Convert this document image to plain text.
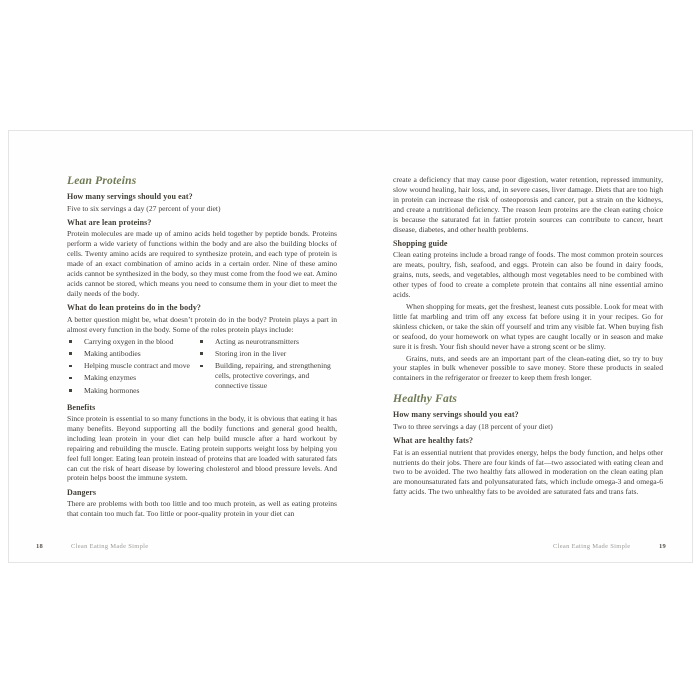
Lean Proteins
How many servings should you eat?

Five to six servings a day (27 percent of your diet)

What are lean proteins?

Protein molecules are made up of amino acids held together by peptide bonds. Proteins perform a wide variety of functions within the body and are also the building blocks of cells. Twenty amino acids are required to synthesize protein, and each type of protein is made of an exact combination of amino acids in a certain order. Nine of these amino acids cannot be synthesized in the body, so they must come from the food we eat. Amino acids cannot be stored, which means you need to consume them in your diet to meet the daily needs of the body.

What do lean proteins do in the body?

A better question might be, what doesn’t protein do in the body? Protein plays a part in almost every function in the body. Some of the roles protein plays include:

Carrying oxygen in the blood
Making antibodies
Helping muscle contract and move
Making enzymes
Making hormones
Acting as neurotransmitters
Storing iron in the liver
Building, repairing, and strengthening cells, protective coverings, and connective tissue
Benefits

Since protein is essential to so many functions in the body, it is obvious that eating it has many benefits. Beyond supporting all the bodily functions and general good health, including lean protein in your diet can help build muscle after a hard workout by repairing and rebuilding the muscle. Eating protein supports weight loss by helping you feel full longer. Eating lean protein instead of proteins that are loaded with saturated fats can cut the risk of heart disease by lowering cholesterol and blood pressure levels. And protein helps boost the immune system.

Dangers

There are problems with both too little and too much protein, as well as eating proteins that contain too much fat. Too little or poor-quality protein in your diet can

create a deficiency that may cause poor digestion, water retention, repressed immunity, slow wound healing, hair loss, and, in severe cases, liver damage. Diets that are too high in protein can increase the risk of osteoporosis and cancer, put a strain on the kidneys, and create a nutritional deficiency. The reason lean proteins are the clean eating choice is because the saturated fat in fattier protein sources can contribute to cancer, heart disease, diabetes, and other health problems.

Shopping guide

Clean eating proteins include a broad range of foods. The most common protein sources are meats, poultry, fish, seafood, and eggs. Protein can also be found in dairy foods, grains, nuts, seeds, and vegetables, although most vegetables need to be combined with other types of food to create a complete protein that contains all nine essential amino acids.

When shopping for meats, get the freshest, leanest cuts possible. Look for meat with little fat marbling and trim off any excess fat before using it in your recipes. Go for skinless chicken, or take the skin off yourself and trim any visible fat. When buying fish or seafood, do your homework on what types are caught locally or in season and make sure it is fresh. Your fish should never have a strong scent or be slimy.

Grains, nuts, and seeds are an important part of the clean-eating diet, so try to buy your staples in bulk whenever possible to save money. Store these products in sealed containers in the refrigerator or freezer to keep them fresh longer.

Healthy Fats
How many servings should you eat?

Two to three servings a day (18 percent of your diet)

What are healthy fats?

Fat is an essential nutrient that provides energy, helps the body function, and helps other nutrients do their jobs. There are four kinds of fat—two associated with eating clean and two to be avoided. The two healthy fats allowed in moderation on the clean eating plan are monounsaturated fats and polyunsaturated fats, which include omega-3 and omega-6 fatty acids. The two unhealthy fats to be avoided are saturated fats and trans fats.

18	Clean Eating Made Simple	Clean Eating Made Simple	19
